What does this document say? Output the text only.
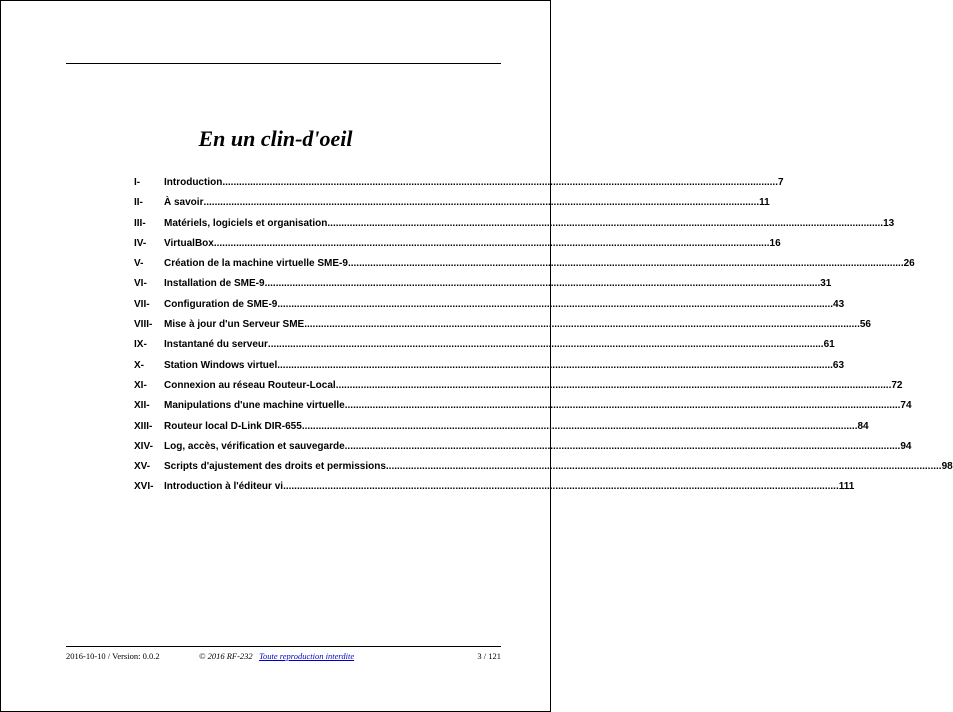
En un clin-d'oeil
I-	Introduction ........................................................................................................................................................................................................ 7
II-	À savoir ........................................................................................................................................................................................................ 11
III-	Matériels, logiciels et organisation ........................................................................................................................................................................................................ 13
IV-	VirtualBox ........................................................................................................................................................................................................ 16
V-	Création de la machine virtuelle SME-9 ........................................................................................................................................................................................................ 26
VI-	Installation de SME-9 ........................................................................................................................................................................................................ 31
VII-	Configuration de SME-9 ........................................................................................................................................................................................................ 43
VIII-	Mise à jour d'un Serveur SME ........................................................................................................................................................................................................ 56
IX-	Instantané du serveur ........................................................................................................................................................................................................ 61
X-	Station Windows virtuel ........................................................................................................................................................................................................ 63
XI-	Connexion au réseau Routeur-Local ........................................................................................................................................................................................................ 72
XII-	Manipulations d'une machine virtuelle ........................................................................................................................................................................................................ 74
XIII-	Routeur local D-Link DIR-655 ........................................................................................................................................................................................................ 84
XIV-	Log, accès, vérification et sauvegarde ........................................................................................................................................................................................................ 94
XV-	Scripts d'ajustement des droits et permissions ........................................................................................................................................................................................................ 98
XVI-	Introduction à l'éditeur vi ........................................................................................................................................................................................................ 111
2016-10-10 / Version: 0.0.2	© 2016 RF-232 Toute reproduction interdite	3 / 121
